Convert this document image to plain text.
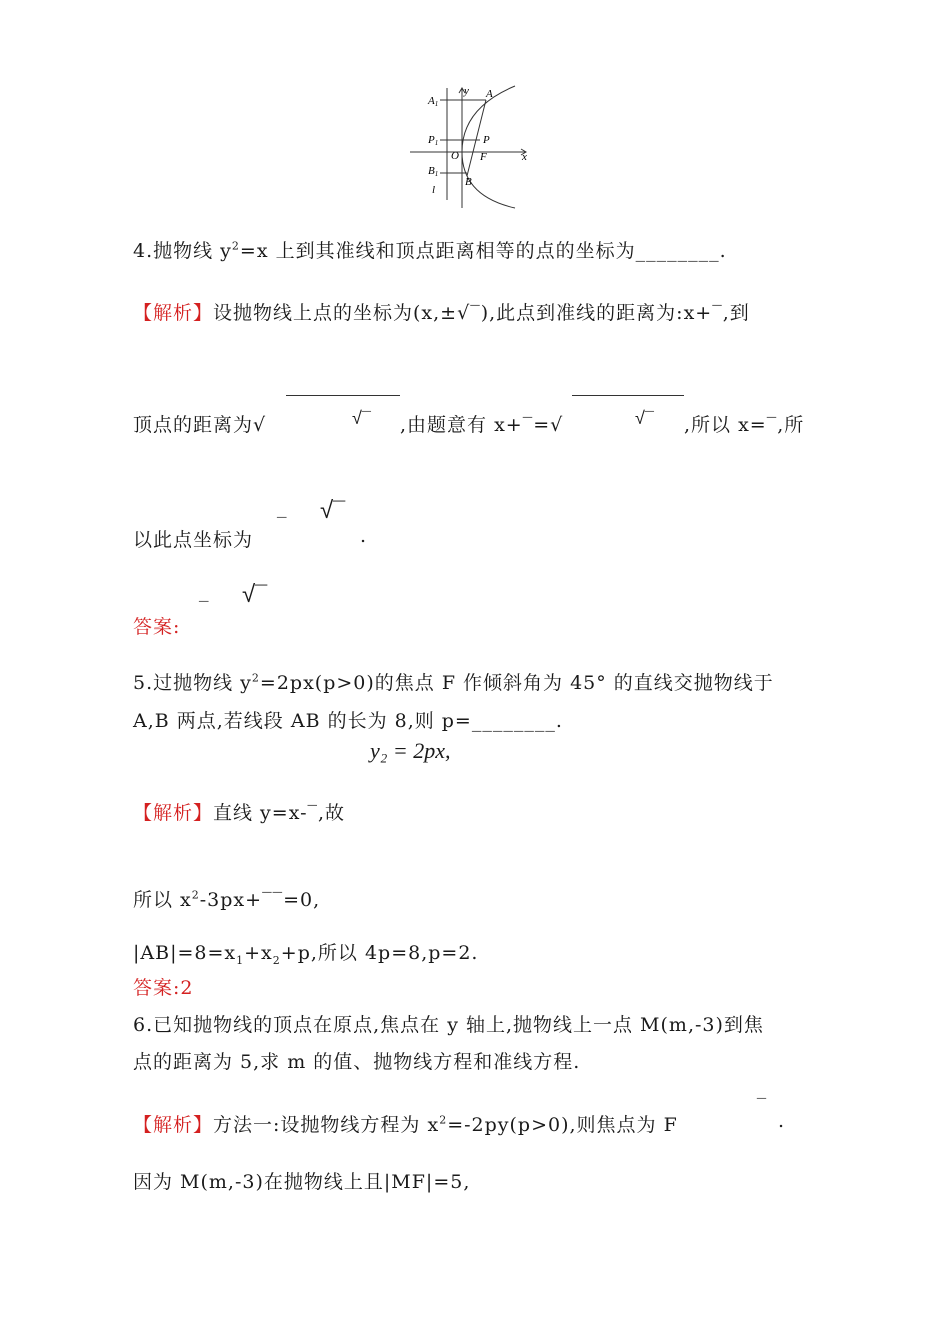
A1
P1
B1
l
y
x
A
P
O F
B
4.抛物线 $y^2=x$ 上到其准线和顶点距离相等的点的坐标为________.
【解析】设抛物线上点的坐标为(x,±√‾),此点到准线的距离为:x+‾,到
顶点的距离为√	√‾ ,由题意有 x+‾=√	√‾ ,所以 x=‾,所
以此点坐标为
‒ √‾
.
答案:
‒ √‾
5.过抛物线 $y^2=2px(p>0)$的焦点 F 作倾斜角为 45° 的直线交抛物线于
A,B 两点,若线段 AB 的长为 8,则 p=________.
y₂ = 2px,
【解析】直线 y=x-‾,故
所以 $x^2-3px+‾‾=0$,
$|AB|=8=x_1+x_2+p$,所以 4p=8,p=2.
答案:2
6.已知抛物线的顶点在原点,焦点在 y 轴上,抛物线上一点 M(m,-3)到焦
点的距离为 5,求 m 的值、抛物线方程和准线方程.
【解析】方法一:设抛物线方程为 $x^2=-2py(p>0)$,则焦点为 F
‾
.
因为 M(m,-3)在抛物线上且|MF|=5,
